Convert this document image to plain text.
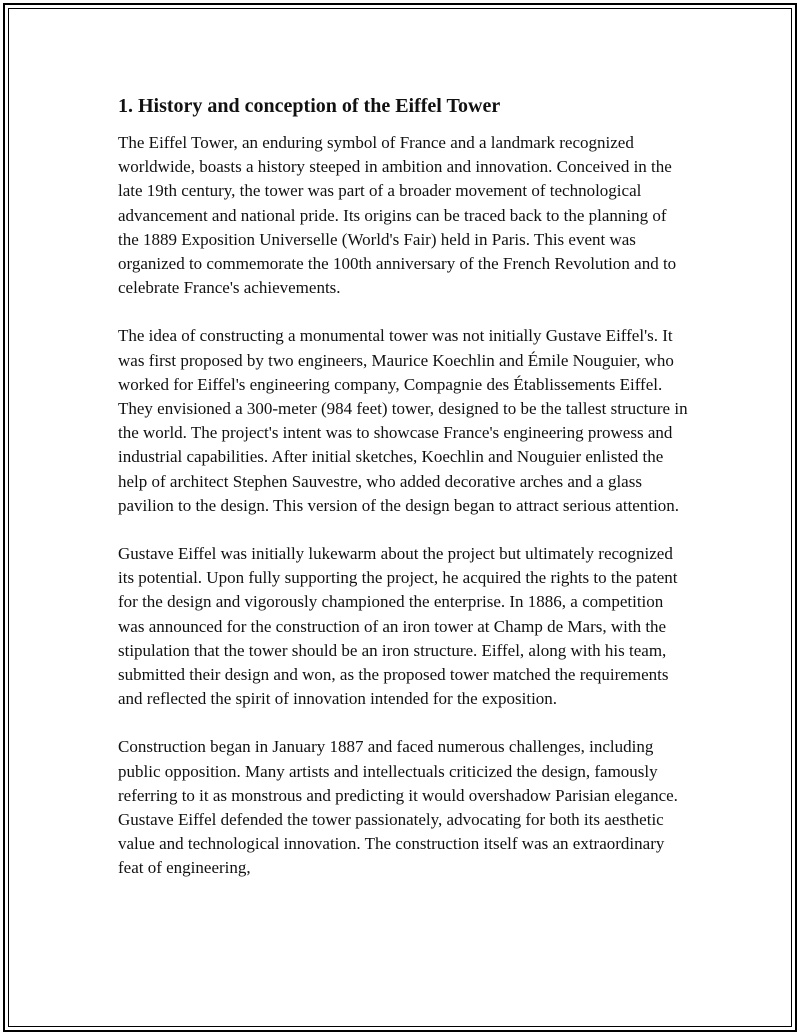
1. History and conception of the Eiffel Tower

The Eiffel Tower, an enduring symbol of France and a landmark recognized worldwide, boasts a history steeped in ambition and innovation. Conceived in the late 19th century, the tower was part of a broader movement of technological advancement and national pride. Its origins can be traced back to the planning of the 1889 Exposition Universelle (World's Fair) held in Paris. This event was organized to commemorate the 100th anniversary of the French Revolution and to celebrate France's achievements.

The idea of constructing a monumental tower was not initially Gustave Eiffel's. It was first proposed by two engineers, Maurice Koechlin and Émile Nouguier, who worked for Eiffel's engineering company, Compagnie des Établissements Eiffel. They envisioned a 300-meter (984 feet) tower, designed to be the tallest structure in the world. The project's intent was to showcase France's engineering prowess and industrial capabilities. After initial sketches, Koechlin and Nouguier enlisted the help of architect Stephen Sauvestre, who added decorative arches and a glass pavilion to the design. This version of the design began to attract serious attention.

Gustave Eiffel was initially lukewarm about the project but ultimately recognized its potential. Upon fully supporting the project, he acquired the rights to the patent for the design and vigorously championed the enterprise. In 1886, a competition was announced for the construction of an iron tower at Champ de Mars, with the stipulation that the tower should be an iron structure. Eiffel, along with his team, submitted their design and won, as the proposed tower matched the requirements and reflected the spirit of innovation intended for the exposition.

Construction began in January 1887 and faced numerous challenges, including public opposition. Many artists and intellectuals criticized the design, famously referring to it as monstrous and predicting it would overshadow Parisian elegance. Gustave Eiffel defended the tower passionately, advocating for both its aesthetic value and technological innovation. The construction itself was an extraordinary feat of engineering,
